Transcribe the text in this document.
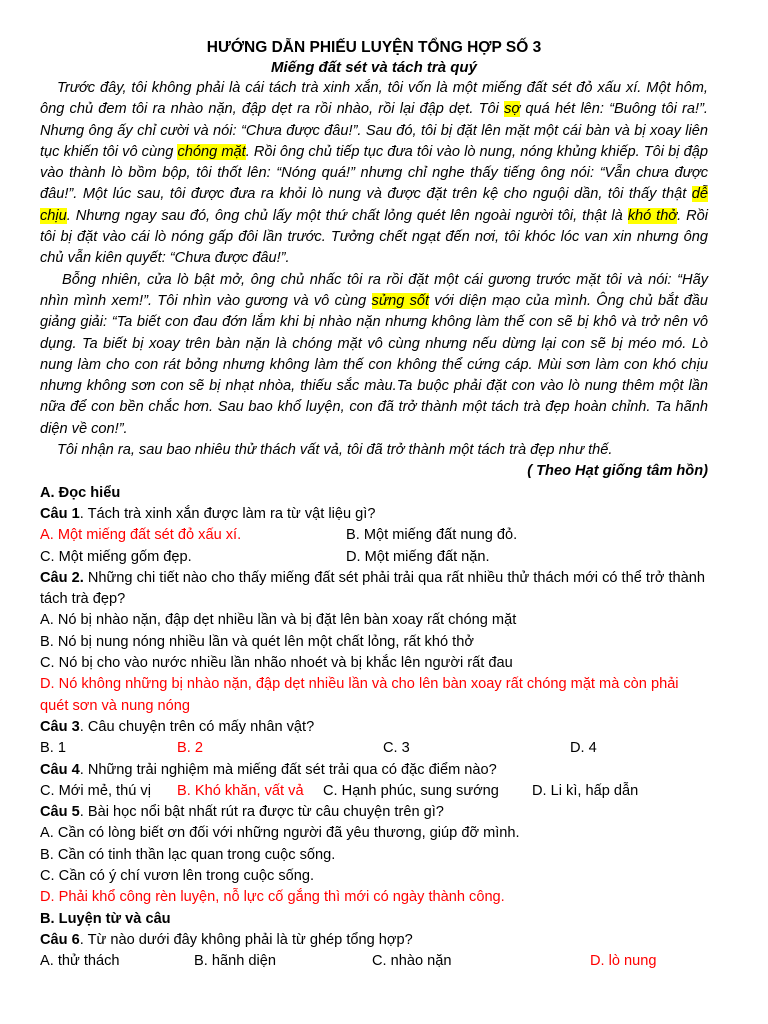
HƯỚNG DẪN PHIẾU LUYỆN TỔNG HỢP SỐ 3
Miếng đất sét và tách trà quý

Trước đây, tôi không phải là cái tách trà xinh xắn, tôi vốn là một miếng đất sét đỏ xấu xí. Một hôm, ông chủ đem tôi ra nhào nặn, đập dẹt ra rồi nhào, rồi lại đập dẹt. Tôi sợ quá hét lên: “Buông tôi ra!”. Nhưng ông ấy chỉ cười và nói: “Chưa được đâu!”. Sau đó, tôi bị đặt lên mặt một cái bàn và bị xoay liên tục khiến tôi vô cùng chóng mặt. Rồi ông chủ tiếp tục đưa tôi vào lò nung, nóng khủng khiếp. Tôi bị đập vào thành lò bồm bộp, tôi thốt lên: “Nóng quá!” nhưng chỉ nghe thấy tiếng ông nói: “Vẫn chưa được đâu!”. Một lúc sau, tôi được đưa ra khỏi lò nung và được đặt trên kệ cho nguội dần, tôi thấy thật dễ chịu. Nhưng ngay sau đó, ông chủ lấy một thứ chất lỏng quét lên ngoài người tôi, thật là khó thở. Rồi tôi bị đặt vào cái lò nóng gấp đôi lần trước. Tưởng chết ngạt đến nơi, tôi khóc lóc van xin nhưng ông chủ vẫn kiên quyết: “Chưa được đâu!”.

Bỗng nhiên, cửa lò bật mở, ông chủ nhấc tôi ra rồi đặt một cái gương trước mặt tôi và nói: “Hãy nhìn mình xem!”. Tôi nhìn vào gương và vô cùng sửng sốt với diện mạo của mình. Ông chủ bắt đầu giảng giải: “Ta biết con đau đớn lắm khi bị nhào nặn nhưng không làm thế con sẽ bị khô và trở nên vô dụng. Ta biết bị xoay trên bàn nặn là chóng mặt vô cùng nhưng nếu dừng lại con sẽ bị méo mó. Lò nung làm cho con rát bỏng nhưng không làm thế con không thể cứng cáp. Mùi sơn làm con khó chịu nhưng không sơn con sẽ bị nhạt nhòa, thiếu sắc màu.Ta buộc phải đặt con vào lò nung thêm một lần nữa để con bền chắc hơn. Sau bao khổ luyện, con đã trở thành một tách trà đẹp hoàn chỉnh. Ta hãnh diện về con!”.

Tôi nhận ra, sau bao nhiêu thử thách vất vả, tôi đã trở thành một tách trà đẹp như thế.

( Theo Hạt giống tâm hồn)
A. Đọc hiểu
Câu 1. Tách trà xinh xắn được làm ra từ vật liệu gì?
A. Một miếng đất sét đỏ xấu xí.	B. Một miếng đất nung đỏ.
C. Một miếng gốm đẹp.	D. Một miếng đất nặn.
Câu 2. Những chi tiết nào cho thấy miếng đất sét phải trải qua rất nhiều thử thách mới có thể trở thành tách trà đẹp?
A. Nó bị nhào nặn, đập dẹt nhiều lần và bị đặt lên bàn xoay rất chóng mặt
B. Nó bị nung nóng nhiều lần và quét lên một chất lỏng, rất khó thở
C. Nó bị cho vào nước nhiều lần nhão nhoét và bị khắc lên người rất đau
D. Nó không những bị nhào nặn, đập dẹt nhiều lần và cho lên bàn xoay rất chóng mặt mà còn phải quét sơn và nung nóng
Câu 3. Câu chuyện trên có mấy nhân vật?
B. 1	B. 2	C. 3	D. 4
Câu 4. Những trải nghiệm mà miếng đất sét trải qua có đặc điểm nào?
C. Mới mẻ, thú vị	B. Khó khăn, vất vả	C. Hạnh phúc, sung sướng	D. Li kì, hấp dẫn
Câu 5. Bài học nổi bật nhất rút ra được từ câu chuyện trên gì?
A. Cần có lòng biết ơn đối với những người đã yêu thương, giúp đỡ mình.
B. Cần có tinh thần lạc quan trong cuộc sống.
C. Cần có ý chí vươn lên trong cuộc sống.
D. Phải khổ công rèn luyện, nỗ lực cố gắng thì mới có ngày thành công.
B. Luyện từ và câu
Câu 6. Từ nào dưới đây không phải là từ ghép tổng hợp?
A. thử thách	B. hãnh diện	C. nhào nặn	D. lò nung
